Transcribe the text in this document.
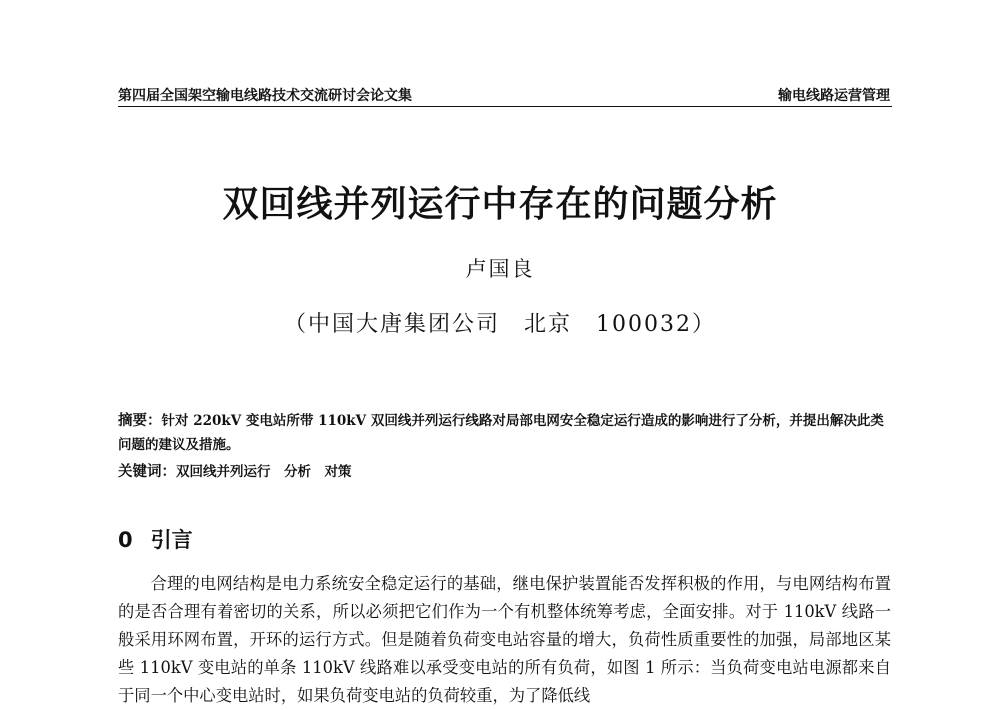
第四届全国架空输电线路技术交流研讨会论文集	输电线路运营管理
双回线并列运行中存在的问题分析
卢国良
（中国大唐集团公司　北京　100032）
摘要：针对 220kV 变电站所带 110kV 双回线并列运行线路对局部电网安全稳定运行造成的影响进行了分析，并提出解决此类问题的建议及措施。
关键词：双回线并列运行　分析　对策
0 引言
合理的电网结构是电力系统安全稳定运行的基础，继电保护装置能否发挥积极的作用，与电网结构布置的是否合理有着密切的关系，所以必须把它们作为一个有机整体统筹考虑，全面安排。对于 110kV 线路一般采用环网布置，开环的运行方式。但是随着负荷变电站容量的增大，负荷性质重要性的加强，局部地区某些 110kV 变电站的单条 110kV 线路难以承受变电站的所有负荷，如图 1 所示：当负荷变电站电源都来自于同一个中心变电站时，如果负荷变电站的负荷较重，为了降低线
